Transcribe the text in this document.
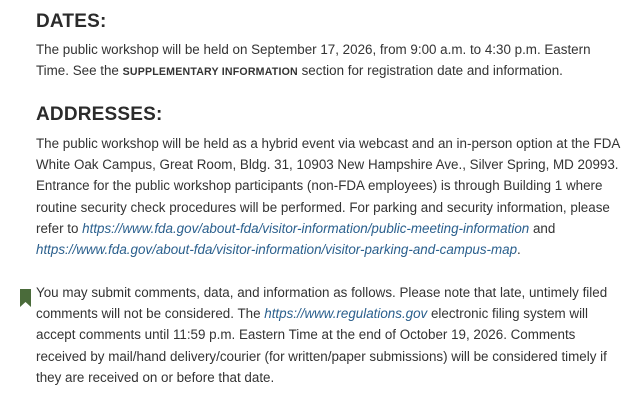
DATES:

The public workshop will be held on September 17, 2026, from 9:00 a.m. to 4:30 p.m. Eastern Time. See the SUPPLEMENTARY INFORMATION section for registration date and information.

ADDRESSES:

The public workshop will be held as a hybrid event via webcast and an in-person option at the FDA White Oak Campus, Great Room, Bldg. 31, 10903 New Hampshire Ave., Silver Spring, MD 20993. Entrance for the public workshop participants (non-FDA employees) is through Building 1 where routine security check procedures will be performed. For parking and security information, please refer to https://www.fda.gov/about-fda/visitor-information/public-meeting-information and https://www.fda.gov/about-fda/visitor-information/visitor-parking-and-campus-map.

You may submit comments, data, and information as follows. Please note that late, untimely filed comments will not be considered. The https://www.regulations.gov electronic filing system will accept comments until 11:59 p.m. Eastern Time at the end of October 19, 2026. Comments received by mail/hand delivery/courier (for written/paper submissions) will be considered timely if they are received on or before that date.
